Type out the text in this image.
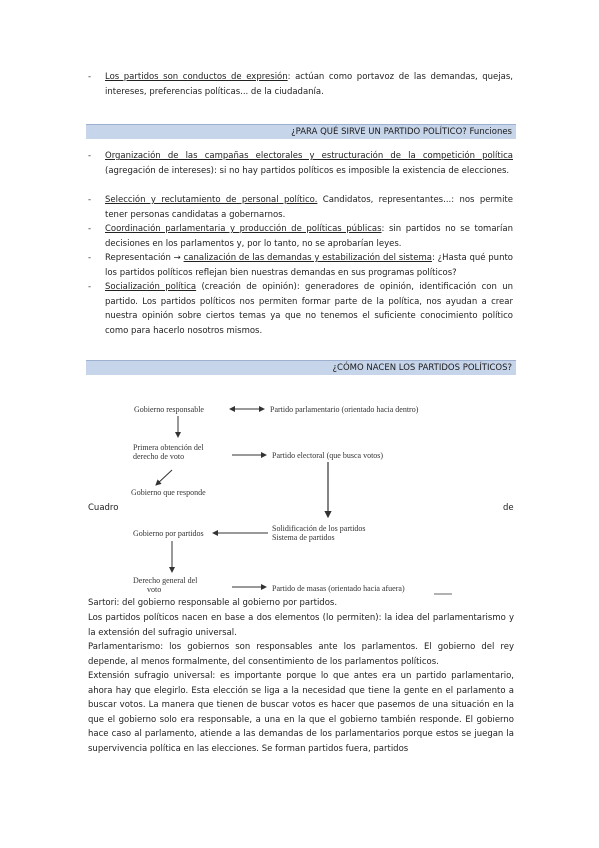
- Los partidos son conductos de expresión: actúan como portavoz de las demandas, quejas, intereses, preferencias políticas... de la ciudadanía.

¿PARA QUÉ SIRVE UN PARTIDO POLÍTICO? Funciones
- Organización de las campañas electorales y estructuración de la competición política (agregación de intereses): si no hay partidos políticos es imposible la existencia de elecciones.

- Selección y reclutamiento de personal político. Candidatos, representantes...: nos permite tener personas candidatas a gobernarnos.

- Coordinación parlamentaria y producción de políticas públicas: sin partidos no se tomarían decisiones en los parlamentos y, por lo tanto, no se aprobarían leyes.

- Representación → canalización de las demandas y estabilización del sistema: ¿Hasta qué punto los partidos políticos reflejan bien nuestras demandas en sus programas políticos?

- Socialización política (creación de opinión): generadores de opinión, identificación con un partido. Los partidos políticos nos permiten formar parte de la política, nos ayudan a crear nuestra opinión sobre ciertos temas ya que no tenemos el suficiente conocimiento político como para hacerlo nosotros mismos.

¿CÓMO NACEN LOS PARTIDOS POLÍTICOS?
Gobierno responsable	Partido parlamentario (orientado hacia dentro)
Primera obtención del
derecho de voto	Partido electoral (que busca votos)
Gobierno que responde
Gobierno por partidos
Solidificación de los partidos
Sistema de partidos
Derecho general del
voto	Partido de masas (orientado hacia afuera)
Cuadro	de

Sartori: del gobierno responsable al gobierno por partidos.

Los partidos políticos nacen en base a dos elementos (lo permiten): la idea del parlamentarismo y la extensión del sufragio universal.

Parlamentarismo: los gobiernos son responsables ante los parlamentos. El gobierno del rey depende, al menos formalmente, del consentimiento de los parlamentos políticos.

Extensión sufragio universal: es importante porque lo que antes era un partido parlamentario, ahora hay que elegirlo. Esta elección se liga a la necesidad que tiene la gente en el parlamento a buscar votos. La manera que tienen de buscar votos es hacer que pasemos de una situación en la que el gobierno solo era responsable, a una en la que el gobierno también responde. El gobierno hace caso al parlamento, atiende a las demandas de los parlamentarios porque estos se juegan la supervivencia política en las elecciones. Se forman partidos fuera, partidos
